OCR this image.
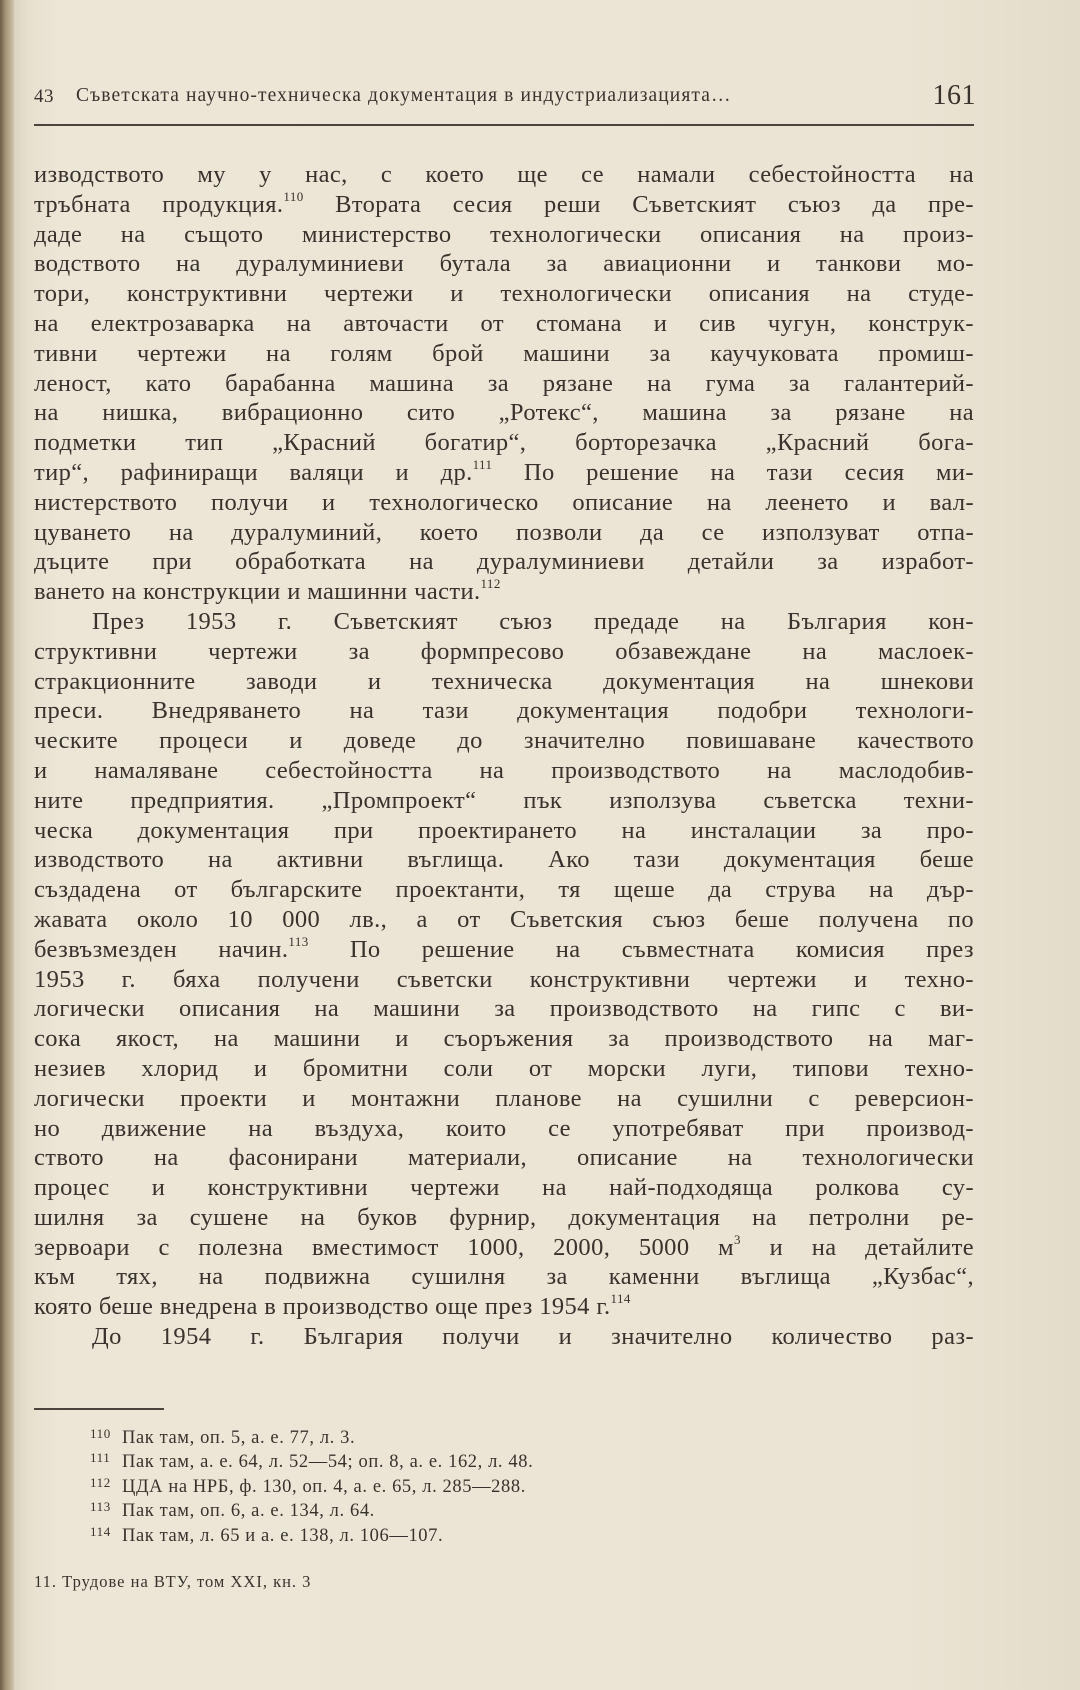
43 Съветската научно-техническа документация в индустриализацията…	161
изводството му у нас, с което ще се намали себестойността на
тръбната продукция.$^{110}$ Втората сесия реши Съветският съюз да пре-
даде на същото министерство технологически описания на произ-
водството на дуралуминиеви бутала за авиационни и танкови мо-
тори, конструктивни чертежи и технологически описания на студе-
на електрозаварка на авточасти от стомана и сив чугун, конструк-
тивни чертежи на голям брой машини за каучуковата промиш-
леност, като барабанна машина за рязане на гума за галантерий-
на нишка, вибрационно сито „Ротекс“, машина за рязане на
подметки тип „Красний богатир“, борторезачка „Красний бога-
тир“, рафиниращи валяци и др.$^{111}$ По решение на тази сесия ми-
нистерството получи и технологическо описание на леенето и вал-
цуването на дуралуминий, което позволи да се използуват отпа-
дъците при обработката на дуралуминиеви детайли за изработ-
ването на конструкции и машинни части.$^{112}$
През 1953 г. Съветският съюз предаде на България кон-
структивни чертежи за формпресово обзавеждане на маслоек-
стракционните заводи и техническа документация на шнекови
преси. Внедряването на тази документация подобри технологи-
ческите процеси и доведе до значително повишаване качеството
и намаляване себестойността на производството на маслодобив-
ните предприятия. „Промпроект“ пък използува съветска техни-
ческа документация при проектирането на инсталации за про-
изводството на активни въглища. Ако тази документация беше
създадена от българските проектанти, тя щеше да струва на дър-
жавата около 10 000 лв., а от Съветския съюз беше получена по
безвъзмезден начин.$^{113}$ По решение на съвместната комисия през
1953 г. бяха получени съветски конструктивни чертежи и техно-
логически описания на машини за производството на гипс с ви-
сока якост, на машини и съоръжения за производството на маг-
незиев хлорид и бромитни соли от морски луги, типови техно-
логически проекти и монтажни планове на сушилни с реверсион-
но движение на въздуха, които се употребяват при производ-
ството на фасонирани материали, описание на технологически
процес и конструктивни чертежи на най-подходяща ролкова су-
шилня за сушене на буков фурнир, документация на петролни ре-
зервоари с полезна вместимост 1000, 2000, 5000 $м^3$ и на детайлите
към тях, на подвижна сушилня за каменни въглища „Кузбас“,
която беше внедрена в производство още през 1954 г.$^{114}$
До 1954 г. България получи и значително количество раз-
110 Пак там, оп. 5, а. е. 77, л. 3.
111 Пак там, а. е. 64, л. 52—54; оп. 8, а. е. 162, л. 48.
112 ЦДА на НРБ, ф. 130, оп. 4, а. е. 65, л. 285—288.
113 Пак там, оп. 6, а. е. 134, л. 64.
114 Пак там, л. 65 и а. е. 138, л. 106—107.
11. Трудове на ВТУ, том XXI, кн. 3
